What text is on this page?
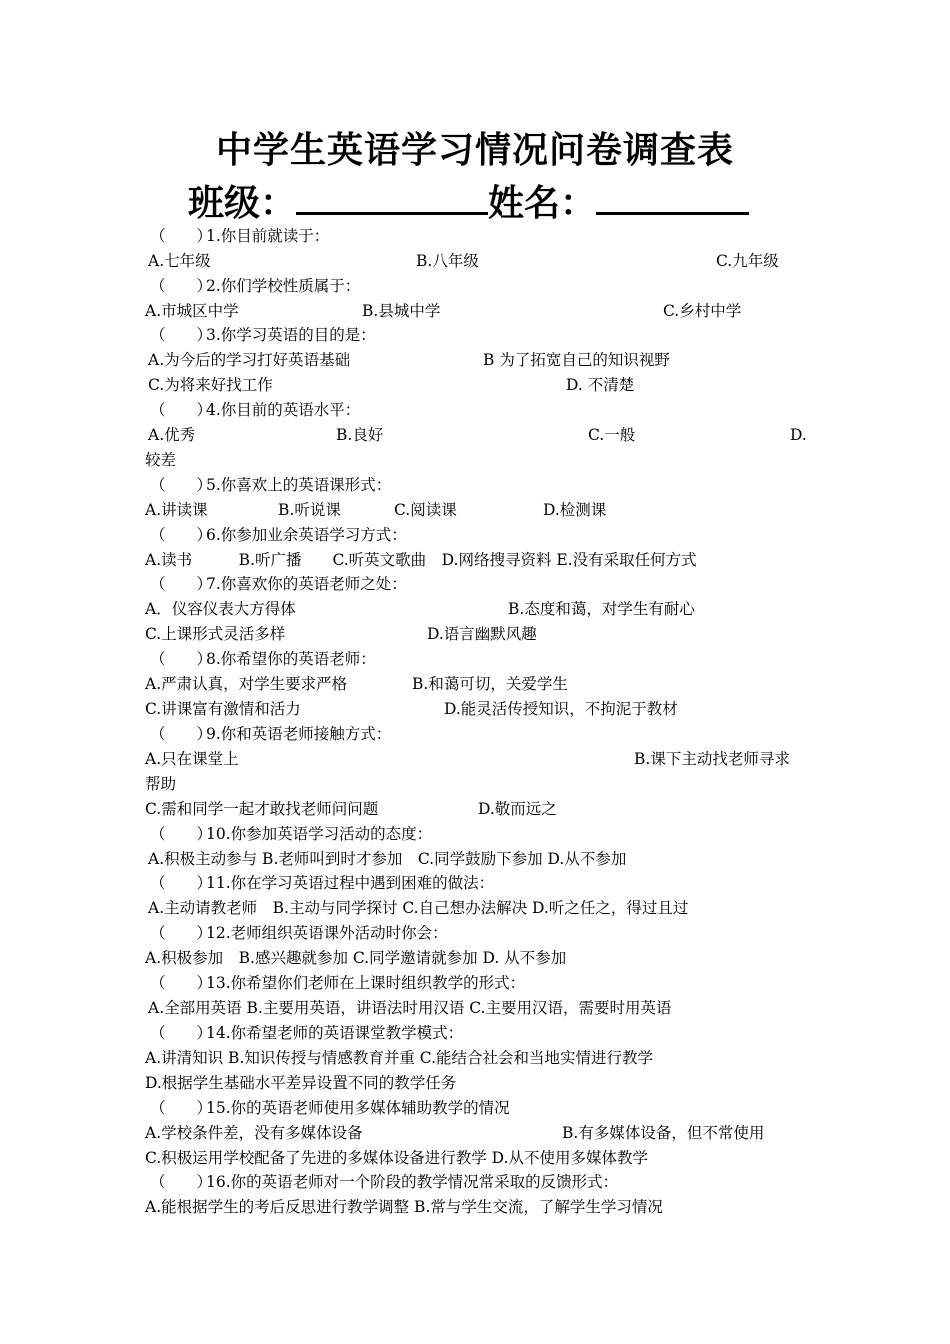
中学生英语学习情况问卷调查表
班级：	姓名：
（　　）1.你目前就读于：
A.七年级	B.八年级	C.九年级
（　　）2.你们学校性质属于：
A.市城区中学	B.县城中学	C.乡村中学
（　　）3.你学习英语的目的是：
A.为今后的学习打好英语基础	B 为了拓宽自己的知识视野
C.为将来好找工作	D. 不清楚
（　　）4.你目前的英语水平：
A.优秀	B.良好	C.一般	D.
较差
（　　）5.你喜欢上的英语课形式：
A.讲读课	B.听说课	C.阅读课	D.检测课
（　　）6.你参加业余英语学习方式：
A.读书　　　B.听广播　　C.听英文歌曲　D.网络搜寻资料 E.没有采取任何方式
（　　）7.你喜欢你的英语老师之处：
A．仪容仪表大方得体	B.态度和蔼，对学生有耐心
C.上课形式灵活多样	D.语言幽默风趣
（　　）8.你希望你的英语老师：
A.严肃认真，对学生要求严格	B.和蔼可切，关爱学生
C.讲课富有激情和活力	D.能灵活传授知识，不拘泥于教材
（　　）9.你和英语老师接触方式：
A.只在课堂上	B.课下主动找老师寻求
帮助
C.需和同学一起才敢找老师问问题	D.敬而远之
（　　）10.你参加英语学习活动的态度：
A.积极主动参与 B.老师叫到时才参加　C.同学鼓励下参加 D.从不参加
（　　）11.你在学习英语过程中遇到困难的做法：
A.主动请教老师　B.主动与同学探讨 C.自己想办法解决 D.听之任之，得过且过
（　　）12.老师组织英语课外活动时你会：
A.积极参加　B.感兴趣就参加 C.同学邀请就参加 D. 从不参加
（　　）13.你希望你们老师在上课时组织教学的形式：
A.全部用英语 B.主要用英语，讲语法时用汉语 C.主要用汉语，需要时用英语
（　　）14.你希望老师的英语课堂教学模式：
A.讲清知识 B.知识传授与情感教育并重 C.能结合社会和当地实情进行教学
D.根据学生基础水平差异设置不同的教学任务
（　　）15.你的英语老师使用多媒体辅助教学的情况
A.学校条件差，没有多媒体设备	B.有多媒体设备，但不常使用
C.积极运用学校配备了先进的多媒体设备进行教学 D.从不使用多媒体教学
（　　）16.你的英语老师对一个阶段的教学情况常采取的反馈形式：
A.能根据学生的考后反思进行教学调整 B.常与学生交流，了解学生学习情况
